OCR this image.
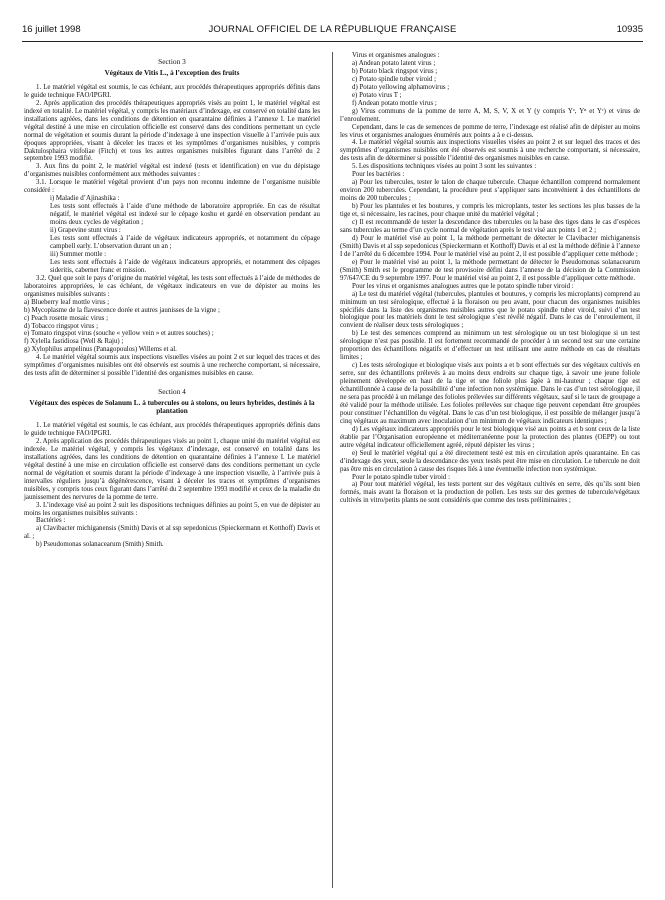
16 juillet 1998	JOURNAL OFFICIEL DE LA RÉPUBLIQUE FRANÇAISE	10935

Section 3

Végétaux de Vitis L., à l’exception des fruits

1. Le matériel végétal est soumis, le cas échéant, aux procédés thérapeutiques appropriés définis dans le guide technique FAO/IPGRI.

2. Après application des procédés thérapeutiques appropriés visés au point 1, le matériel végétal est indexé en totalité. Le matériel végétal, y compris les matériaux d’indexage, est conservé en totalité dans les installations agréées, dans les conditions de détention en quarantaine définies à l’annexe I. Le matériel végétal destiné à une mise en circulation officielle est conservé dans des conditions permettant un cycle normal de végétation et soumis durant la période d’indexage à une inspection visuelle à l’arrivée puis aux époques appropriées, visant à déceler les traces et les symptômes d’organismes nuisibles, y compris Daktulosphaira vitifoliae (Fitch) et tous les autres organismes nuisibles figurant dans l’arrêté du 2 septembre 1993 modifié.

3. Aux fins du point 2, le matériel végétal est indexé (tests et identification) en vue du dépistage d’organismes nuisibles conformément aux méthodes suivantes :

3.1. Lorsque le matériel végétal provient d’un pays non reconnu indemne de l’organisme nuisible considéré :

i) Maladie d’Ajinashika :

Les tests sont effectués à l’aide d’une méthode de laboratoire appropriée. En cas de résultat négatif, le matériel végétal est indexé sur le cépage koshu et gardé en observation pendant au moins deux cycles de végétation ;

ii) Grapevine stunt virus :

Les tests sont effectués à l’aide de végétaux indicateurs appropriés, et notamment du cépage campbell early. L’observation durant un an ;

iii) Summer mottle :

Les tests sont effectués à l’aide de végétaux indicateurs appropriés, et notamment des cépages sideritis, cabernet franc et mission.

3.2. Quel que soit le pays d’origine du matériel végétal, les tests sont effectués à l’aide de méthodes de laboratoires appropriées, le cas échéant, de végétaux indicateurs en vue de dépister au moins les organismes nuisibles suivants :

a) Blueberry leaf mottle virus ;

b) Mycoplasme de la flavescence dorée et autres jaunisses de la vigne ;

c) Peach rosette mosaic virus ;

d) Tobacco ringspot virus ;

e) Tomato ringspot virus (souche « yellow vein » et autres souches) ;

f) Xylella fastidiosa (Well & Raju) ;

g) Xylophilus ampelinus (Panagopoulos) Willems et al.

4. Le matériel végétal soumis aux inspections visuelles visées au point 2 et sur lequel des traces et des symptômes d’organismes nuisibles ont été observés est soumis à une recherche comportant, si nécessaire, des tests afin de déterminer si possible l’identité des organismes nuisibles en cause.

Section 4

Végétaux des espèces de Solanum L. à tubercules ou à stolons, ou leurs hybrides, destinés à la plantation

1. Le matériel végétal est soumis, le cas échéant, aux procédés thérapeutiques appropriés définis dans le guide technique FAO/IPGRI.

2. Après application des procédés thérapeutiques visés au point 1, chaque unité du matériel végétal est indexée. Le matériel végétal, y compris les végétaux d’indexage, est conservé en totalité dans les installations agréées, dans les conditions de détention en quarantaine définies à l’annexe I. Le matériel végétal destiné à une mise en circulation officielle est conservé dans des conditions permettant un cycle normal de végétation et soumis durant la période d’indexage à une inspection visuelle, à l’arrivée puis à intervalles réguliers jusqu’à dégénérescence, visant à déceler les traces et symptômes d’organismes nuisibles, y compris tous ceux figurant dans l’arrêté du 2 septembre 1993 modifié et ceux de la maladie du jaunissement des nervures de la pomme de terre.

3. L’indexage visé au point 2 suit les dispositions techniques définies au point 5, en vue de dépister au moins les organismes nuisibles suivants :

Bactéries :

a) Clavibacter michiganensis (Smith) Davis et al ssp sepedonicus (Spieckermann et Kotthoff) Davis et al. ;

b) Pseudomonas solanacearum (Smith) Smith.

Virus et organismes analogues :

a) Andean potato latent virus ;

b) Potato black ringspot virus ;

c) Potato spindle tuber viroid ;

d) Potato yellowing alphamovirus ;

e) Potato virus T ;

f) Andean potato mottle virus ;

g) Virus communs de la pomme de terre A, M, S, V, X et Y (y compris Yᵒ, Yⁿ et Yᶜ) et virus de l’enroulement.

Cependant, dans le cas de semences de pomme de terre, l’indexage est réalisé afin de dépister au moins les virus et organismes analogues énumérés aux points a à e ci-dessus.

4. Le matériel végétal soumis aux inspections visuelles visées au point 2 et sur lequel des traces et des symptômes d’organismes nuisibles ont été observés est soumis à une recherche comportant, si nécessaire, des tests afin de déterminer si possible l’identité des organismes nuisibles en cause.

5. Les dispositions techniques visées au point 3 sont les suivantes :

Pour les bactéries :

a) Pour les tubercules, tester le talon de chaque tubercule. Chaque échantillon comprend normalement environ 200 tubercules. Cependant, la procédure peut s’appliquer sans inconvénient à des échantillons de moins de 200 tubercules ;

b) Pour les plantules et les boutures, y compris les microplants, tester les sections les plus basses de la tige et, si nécessaire, les racines, pour chaque unité du matériel végétal ;

c) Il est recommandé de tester la descendance des tubercules ou la base des tiges dans le cas d’espèces sans tubercules au terme d’un cycle normal de végétation après le test visé aux points 1 et 2 ;

d) Pour le matériel visé au point 1, la méthode permettant de détecter le Clavibacter michiganensis (Smith) Davis et al ssp sepedonicus (Spieckermann et Kotthoff) Davis et al est la méthode définie à l’annexe I de l’arrêté du 6 décembre 1994. Pour le matériel visé au point 2, il est possible d’appliquer cette méthode ;

e) Pour le matériel visé au point 1, la méthode permettant de détecter le Pseudomonas solanacearum (Smith) Smith est le programme de test provisoire défini dans l’annexe de la décision de la Commission 97/647/CE du 9 septembre 1997. Pour le matériel visé au point 2, il est possible d’appliquer cette méthode.

Pour les virus et organismes analogues autres que le potato spindle tuber viroid :

a) Le test du matériel végétal (tubercules, plantules et boutures, y compris les microplants) comprend au minimum un test sérologique, effectué à la floraison ou peu avant, pour chacun des organismes nuisibles spécifiés dans la liste des organismes nuisibles autres que le potato spindle tuber viroid, suivi d’un test biologique pour les matériels dont le test sérologique s’est révélé négatif. Dans le cas de l’enroulement, il convient de réaliser deux tests sérologiques ;

b) Le test des semences comprend au minimum un test sérologique ou un test biologique si un test sérologique n’est pas possible. Il est fortement recommandé de procéder à un second test sur une certaine proportion des échantillons négatifs et d’effectuer un test utilisant une autre méthode en cas de résultats limites ;

c) Les tests sérologique et biologique visés aux points a et b sont effectués sur des végétaux cultivés en serre, sur des échantillons prélevés à au moins deux endroits sur chaque tige, à savoir une jeune foliole pleinement développée en haut de la tige et une foliole plus âgée à mi-hauteur ; chaque tige est échantillonnée à cause de la possibilité d’une infection non systémique. Dans le cas d’un test sérologique, il ne sera pas procédé à un mélange des folioles prélevées sur différents végétaux, sauf si le taux de groupage a été validé pour la méthode utilisée. Les folioles prélevées sur chaque tige peuvent cependant être groupées pour constituer l’échantillon du végétal. Dans le cas d’un test biologique, il est possible de mélanger jusqu’à cinq végétaux au maximum avec inoculation d’un minimum de végétaux indicateurs identiques ;

d) Les végétaux indicateurs appropriés pour le test biologique visé aux points a et b sont ceux de la liste établie par l’Organisation européenne et méditerranéenne pour la protection des plantes (OEPP) ou tout autre végétal indicateur officiellement agréé, réputé dépister les virus ;

e) Seul le matériel végétal qui a été directement testé est mis en circulation après quarantaine. En cas d’indexage des yeux, seule la descendance des yeux testés peut être mise en circulation. Le tubercule ne doit pas être mis en circulation à cause des risques liés à une éventuelle infection non systémique.

Pour le potato spindle tuber viroid :

a) Pour tout matériel végétal, les tests portent sur des végétaux cultivés en serre, dès qu’ils sont bien formés, mais avant la floraison et la production de pollen. Les tests sur des germes de tubercule/végétaux cultivés in vitro/petits plants ne sont considérés que comme des tests préliminaires ;
